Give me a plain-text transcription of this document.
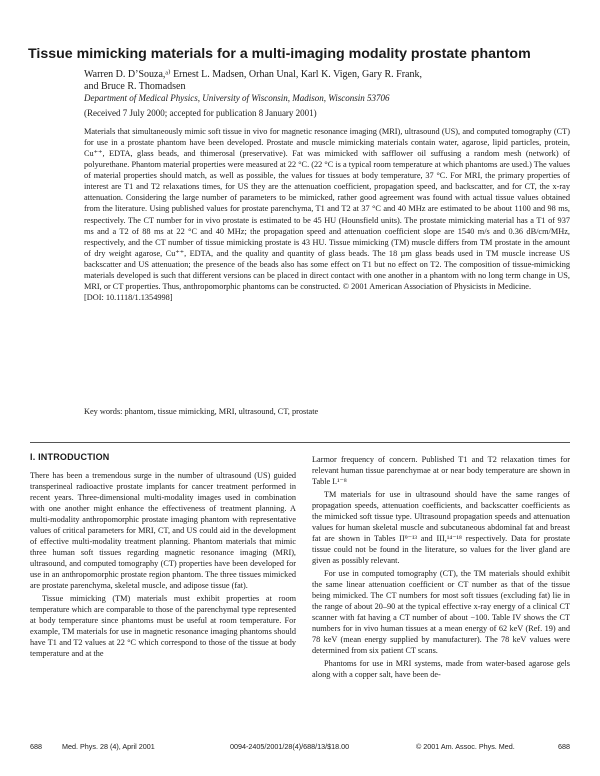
Tissue mimicking materials for a multi-imaging modality prostate phantom
Warren D. D’Souza,ᵃ⁾ Ernest L. Madsen, Orhan Unal, Karl K. Vigen, Gary R. Frank,
and Bruce R. Thomadsen
Department of Medical Physics, University of Wisconsin, Madison, Wisconsin 53706
(Received 7 July 2000; accepted for publication 8 January 2001)

Materials that simultaneously mimic soft tissue in vivo for magnetic resonance imaging (MRI), ultrasound (US), and computed tomography (CT) for use in a prostate phantom have been developed. Prostate and muscle mimicking materials contain water, agarose, lipid particles, protein, Cu⁺⁺, EDTA, glass beads, and thimerosal (preservative). Fat was mimicked with safflower oil suffusing a random mesh (network) of polyurethane. Phantom material properties were measured at 22 °C. (22 °C is a typical room temperature at which phantoms are used.) The values of material properties should match, as well as possible, the values for tissues at body temperature, 37 °C. For MRI, the primary properties of interest are T1 and T2 relaxations times, for US they are the attenuation coefficient, propagation speed, and backscatter, and for CT, the x-ray attenuation. Considering the large number of parameters to be mimicked, rather good agreement was found with actual tissue values obtained from the literature. Using published values for prostate parenchyma, T1 and T2 at 37 °C and 40 MHz are estimated to be about 1100 and 98 ms, respectively. The CT number for in vivo prostate is estimated to be 45 HU (Hounsfield units). The prostate mimicking material has a T1 of 937 ms and a T2 of 88 ms at 22 °C and 40 MHz; the propagation speed and attenuation coefficient slope are 1540 m/s and 0.36 dB/cm/MHz, respectively, and the CT number of tissue mimicking prostate is 43 HU. Tissue mimicking (TM) muscle differs from TM prostate in the amount of dry weight agarose, Cu⁺⁺, EDTA, and the quality and quantity of glass beads. The 18 µm glass beads used in TM muscle increase US backscatter and US attenuation; the presence of the beads also has some effect on T1 but no effect on T2. The composition of tissue-mimicking materials developed is such that different versions can be placed in direct contact with one another in a phantom with no long term change in US, MRI, or CT properties. Thus, anthropomorphic phantoms can be constructed. © 2001 American Association of Physicists in Medicine.

[DOI: 10.1118/1.1354998]

Key words: phantom, tissue mimicking, MRI, ultrasound, CT, prostate
I. INTRODUCTION

There has been a tremendous surge in the number of ultrasound (US) guided transperineal radioactive prostate implants for cancer treatment performed in recent years. Three-dimensional multi-modality images used in combination with one another might enhance the effectiveness of treatment planning. A multi-modality anthropomorphic prostate imaging phantom with representative values of critical parameters for MRI, CT, and US could aid in the development of effective multi-modality treatment planning. Phantom materials that mimic three human soft tissues regarding magnetic resonance imaging (MRI), ultrasound, and computed tomography (CT) properties have been developed for use in an anthropomorphic prostate region phantom. The three tissues mimicked are prostate parenchyma, skeletal muscle, and adipose tissue (fat).

Tissue mimicking (TM) materials must exhibit properties at room temperature which are comparable to those of the parenchymal type represented at body temperature since phantoms must be useful at room temperature. For example, TM materials for use in magnetic resonance imaging phantoms should have T1 and T2 values at 22 °C which correspond to those of the tissue at body temperature and at the

Larmor frequency of concern. Published T1 and T2 relaxation times for relevant human tissue parenchymae at or near body temperature are shown in Table I.¹⁻⁸

TM materials for use in ultrasound should have the same ranges of propagation speeds, attenuation coefficients, and backscatter coefficients as the mimicked soft tissue type. Ultrasound propagation speeds and attenuation values for human skeletal muscle and subcutaneous abdominal fat and breast fat are shown in Tables II⁹⁻¹³ and III,¹⁴⁻¹⁸ respectively. Data for prostate tissue could not be found in the literature, so values for the liver gland are given as possibly relevant.

For use in computed tomography (CT), the TM materials should exhibit the same linear attenuation coefficient or CT number as that of the tissue being mimicked. The CT numbers for most soft tissues (excluding fat) lie in the range of about 20–90 at the typical effective x-ray energy of a clinical CT scanner with fat having a CT number of about −100. Table IV shows the CT numbers for in vivo human tissues at a mean energy of 62 keV (Ref. 19) and 78 keV (mean energy supplied by manufacturer). The 78 keV values were determined from six patient CT scans.

Phantoms for use in MRI systems, made from water-based agarose gels along with a copper salt, have been de-

688	Med. Phys. 28 (4), April 2001	0094-2405/2001/28(4)/688/13/$18.00	© 2001 Am. Assoc. Phys. Med.	688
